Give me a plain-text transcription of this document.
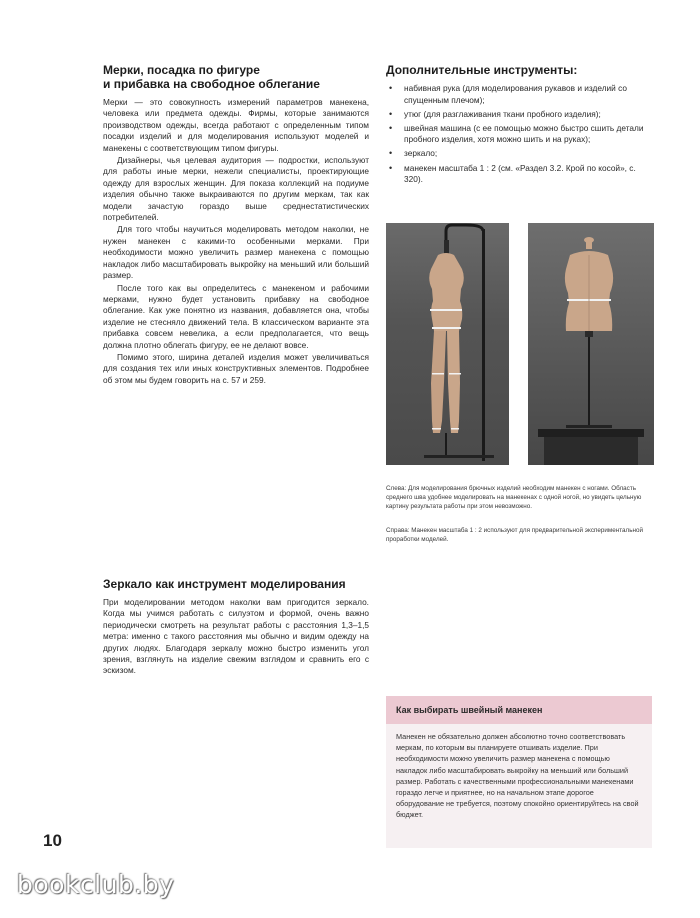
Мерки, посадка по фигуре
и прибавка на свободное облегание

Мерки — это совокупность измерений параметров манекена, человека или предмета одежды. Фирмы, которые занимаются производством одежды, всегда работают с определенным типом посадки изделий и для моделирования используют моделей и манекены с соответствующим типом фигуры.

Дизайнеры, чья целевая аудитория — подростки, используют для работы иные мерки, нежели специалисты, проектирующие одежду для взрослых женщин. Для показа коллекций на подиуме изделия обычно также выкраиваются по другим меркам, так как модели зачастую гораздо выше среднестатистических потребителей.

Для того чтобы научиться моделировать методом наколки, не нужен манекен с какими-то особенными мерками. При необходимости можно увеличить размер манекена с помощью накладок либо масштабировать выкройку на меньший или больший размер.

После того как вы определитесь с манекеном и рабочими мерками, нужно будет установить прибавку на свободное облегание. Как уже понятно из названия, добавляется она, чтобы изделие не стесняло движений тела. В классическом варианте эта прибавка совсем невелика, а если предполагается, что вещь должна плотно облегать фигуру, ее не делают вовсе.

Помимо этого, ширина деталей изделия может увеличиваться для создания тех или иных конструктивных элементов. Подробнее об этом мы будем говорить на с. 57 и 259.

Дополнительные инструменты:
• набивная рука (для моделирования рукавов и изделий со спущенным плечом);
• утюг (для разглаживания ткани пробного изделия);
• швейная машина (с ее помощью можно быстро сшить детали пробного изделия, хотя можно шить и на руках);
• зеркало;
• манекен масштаба 1 : 2 (см. «Раздел 3.2. Крой по косой», с. 320).

Слева: Для моделирования брючных изделий необходим манекен с ногами. Область среднего шва удобнее моделировать на манекенах с одной ногой, но увидеть цельную картину результата работы при этом невозможно.

Справа: Манекен масштаба 1 : 2 используют для предварительной экспериментальной проработки моделей.

Зеркало как инструмент моделирования

При моделировании методом наколки вам пригодится зеркало. Когда мы учимся работать с силуэтом и формой, очень важно периодически смотреть на результат работы с расстояния 1,3–1,5 метра: именно с такого расстояния мы обычно и видим одежду на других людях. Благодаря зеркалу можно быстро изменить угол зрения, взглянуть на изделие свежим взглядом и сравнить его с эскизом.

Как выбирать швейный манекен
Манекен не обязательно должен абсолютно точно соответствовать меркам, по которым вы планируете отшивать изделие. При необходимости можно увеличить размер манекена с помощью накладок либо масштабировать выкройку на меньший или больший размер. Работать с качественными профессиональными манекенами гораздо легче и приятнее, но на начальном этапе дорогое оборудование не требуется, поэтому спокойно ориентируйтесь на свой бюджет.
10
bookclub.by
